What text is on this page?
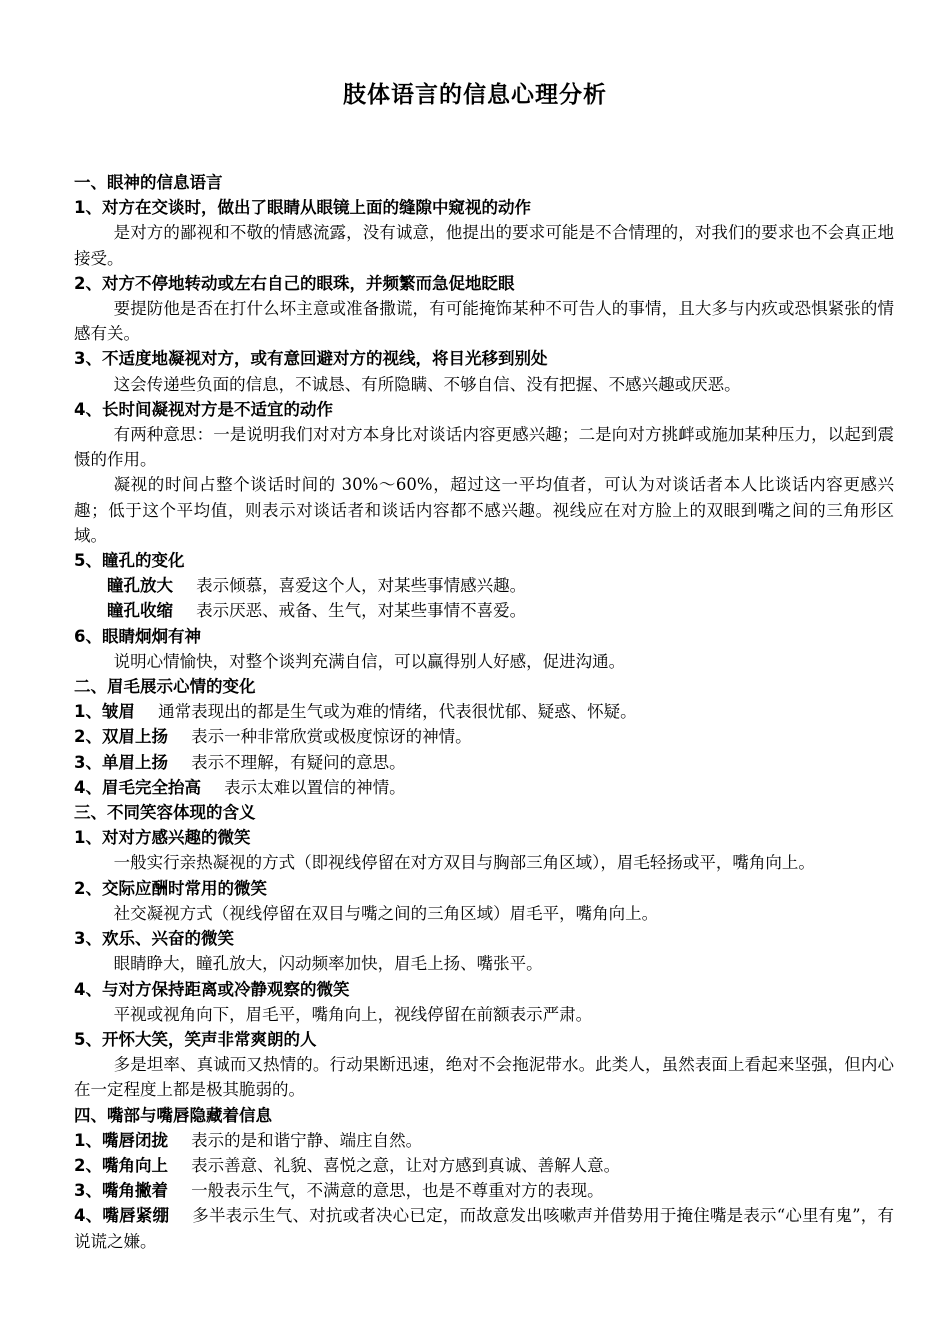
肢体语言的信息心理分析
一、眼神的信息语言
1、对方在交谈时，做出了眼睛从眼镜上面的缝隙中窥视的动作
是对方的鄙视和不敬的情感流露，没有诚意，他提出的要求可能是不合情理的，对我们的要求也不会真正地接受。
2、对方不停地转动或左右自己的眼珠，并频繁而急促地眨眼
要提防他是否在打什么坏主意或准备撒谎，有可能掩饰某种不可告人的事情，且大多与内疚或恐惧紧张的情感有关。
3、不适度地凝视对方，或有意回避对方的视线，将目光移到别处
这会传递些负面的信息，不诚恳、有所隐瞒、不够自信、没有把握、不感兴趣或厌恶。
4、长时间凝视对方是不适宜的动作
有两种意思：一是说明我们对对方本身比对谈话内容更感兴趣；二是向对方挑衅或施加某种压力，以起到震慑的作用。
凝视的时间占整个谈话时间的 30%～60%，超过这一平均值者，可认为对谈话者本人比谈话内容更感兴趣；低于这个平均值，则表示对谈话者和谈话内容都不感兴趣。视线应在对方脸上的双眼到嘴之间的三角形区域。
5、瞳孔的变化
瞳孔放大 表示倾慕，喜爱这个人，对某些事情感兴趣。
瞳孔收缩 表示厌恶、戒备、生气，对某些事情不喜爱。
6、眼睛炯炯有神
说明心情愉快，对整个谈判充满自信，可以赢得别人好感，促进沟通。
二、眉毛展示心情的变化
1、皱眉 通常表现出的都是生气或为难的情绪，代表很忧郁、疑惑、怀疑。
2、双眉上扬 表示一种非常欣赏或极度惊讶的神情。
3、单眉上扬 表示不理解，有疑问的意思。
4、眉毛完全抬高 表示太难以置信的神情。
三、不同笑容体现的含义
1、对对方感兴趣的微笑
一般实行亲热凝视的方式（即视线停留在对方双目与胸部三角区域），眉毛轻扬或平，嘴角向上。
2、交际应酬时常用的微笑
社交凝视方式（视线停留在双目与嘴之间的三角区域）眉毛平，嘴角向上。
3、欢乐、兴奋的微笑
眼睛睁大，瞳孔放大，闪动频率加快，眉毛上扬、嘴张平。
4、与对方保持距离或冷静观察的微笑
平视或视角向下，眉毛平，嘴角向上，视线停留在前额表示严肃。
5、开怀大笑，笑声非常爽朗的人
多是坦率、真诚而又热情的。行动果断迅速，绝对不会拖泥带水。此类人，虽然表面上看起来坚强，但内心在一定程度上都是极其脆弱的。
四、嘴部与嘴唇隐藏着信息
1、嘴唇闭拢 表示的是和谐宁静、端庄自然。
2、嘴角向上 表示善意、礼貌、喜悦之意，让对方感到真诚、善解人意。
3、嘴角撇着 一般表示生气，不满意的意思，也是不尊重对方的表现。
4、嘴唇紧绷 多半表示生气、对抗或者决心已定，而故意发出咳嗽声并借势用于掩住嘴是表示“心里有鬼”，有说谎之嫌。
